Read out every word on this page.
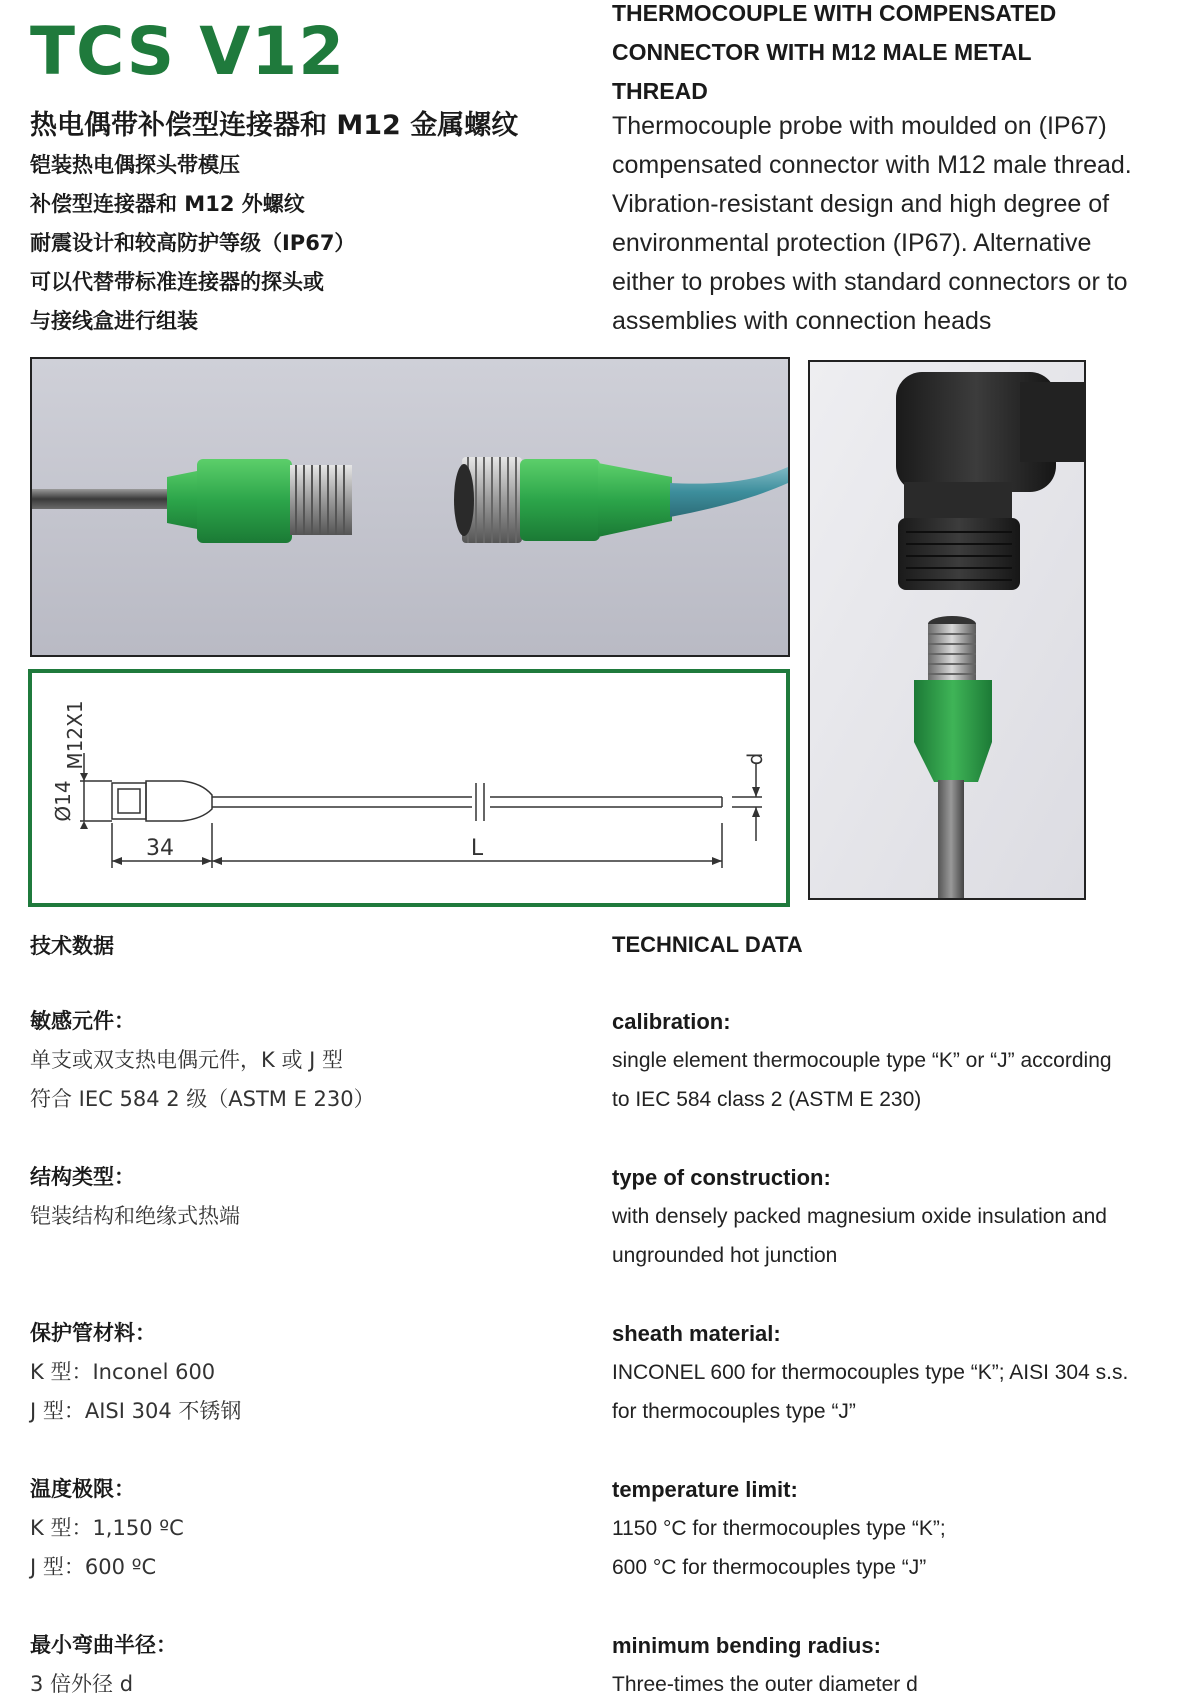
TCS V12
热电偶带补偿型连接器和 M12 金属螺纹
铠装热电偶探头带模压
补偿型连接器和 M12 外螺纹
耐震设计和较高防护等级（IP67）
可以代替带标准连接器的探头或
与接线盒进行组装
THERMOCOUPLE WITH COMPENSATED
CONNECTOR WITH M12 MALE METAL
THREAD
Thermocouple probe with moulded on (IP67)
compensated connector with M12 male thread.
Vibration-resistant design and high degree of
environmental protection (IP67). Alternative
either to probes with standard connectors or to
assemblies with connection heads
M12X1
Ø14
34	L
d
技术数据	TECHNICAL DATA
敏感元件：
单支或双支热电偶元件，K 或 J 型
符合 IEC 584 2 级（ASTM E 230）
结构类型：
铠装结构和绝缘式热端
保护管材料：
K 型：Inconel 600
J 型：AISI 304 不锈钢
温度极限：
K 型：1,150 ºC
J 型：600 ºC
最小弯曲半径：
3 倍外径 d
calibration:
single element thermocouple type “K” or “J” according
to IEC 584 class 2 (ASTM E 230)
type of construction:
with densely packed magnesium oxide insulation and
ungrounded hot junction
sheath material:
INCONEL 600 for thermocouples type “K”; AISI 304 s.s.
for thermocouples type “J”
temperature limit:
1150 °C for thermocouples type “K”;
600 °C for thermocouples type “J”
minimum bending radius:
Three-times the outer diameter d
